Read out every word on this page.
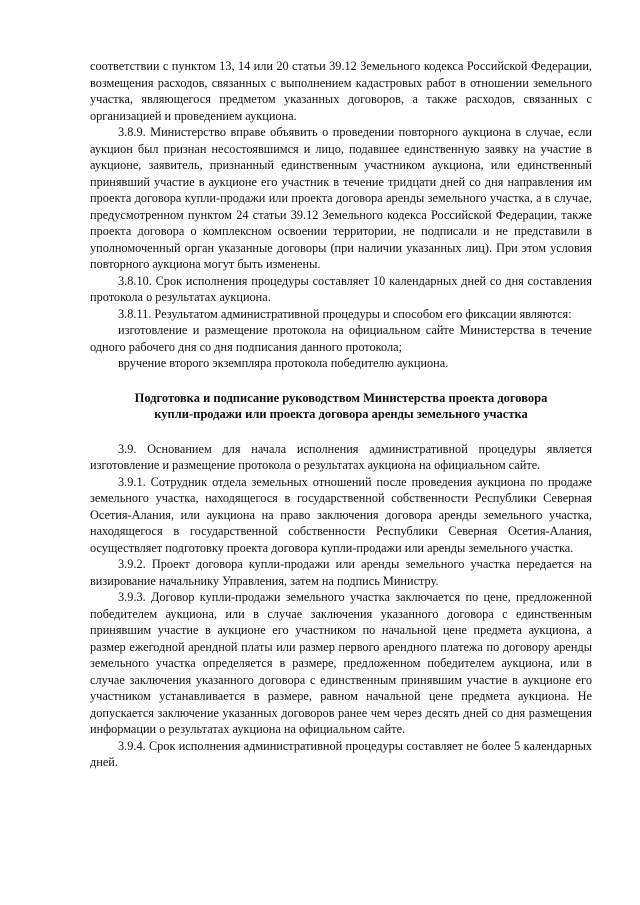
соответствии с пунктом 13, 14 или 20 статьи 39.12 Земельного кодекса Российской Федерации, возмещения расходов, связанных с выполнением кадастровых работ в отношении земельного участка, являющегося предметом указанных договоров, а также расходов, связанных с организацией и проведением аукциона.

3.8.9. Министерство вправе объявить о проведении повторного аукциона в случае, если аукцион был признан несостоявшимся и лицо, подавшее единственную заявку на участие в аукционе, заявитель, признанный единственным участником аукциона, или единственный принявший участие в аукционе его участник в течение тридцати дней со дня направления им проекта договора купли-продажи или проекта договора аренды земельного участка, а в случае, предусмотренном пунктом 24 статьи 39.12 Земельного кодекса Российской Федерации, также проекта договора о комплексном освоении территории, не подписали и не представили в уполномоченный орган указанные договоры (при наличии указанных лиц). При этом условия повторного аукциона могут быть изменены.

3.8.10. Срок исполнения процедуры составляет 10 календарных дней со дня составления протокола о результатах аукциона.

3.8.11. Результатом административной процедуры и способом его фиксации являются:

изготовление и размещение протокола на официальном сайте Министерства в течение одного рабочего дня со дня подписания данного протокола;

вручение второго экземпляра протокола победителю аукциона.

Подготовка и подписание руководством Министерства проекта договора
купли-продажи или проекта договора аренды земельного участка

3.9. Основанием для начала исполнения административной процедуры является изготовление и размещение протокола о результатах аукциона на официальном сайте.

3.9.1. Сотрудник отдела земельных отношений после проведения аукциона по продаже земельного участка, находящегося в государственной собственности Республики Северная Осетия-Алания, или аукциона на право заключения договора аренды земельного участка, находящегося в государственной собственности Республики Северная Осетия-Алания, осуществляет подготовку проекта договора купли-продажи или аренды земельного участка.

3.9.2. Проект договора купли-продажи или аренды земельного участка передается на визирование начальнику Управления, затем на подпись Министру.

3.9.3. Договор купли-продажи земельного участка заключается по цене, предложенной победителем аукциона, или в случае заключения указанного договора с единственным принявшим участие в аукционе его участником по начальной цене предмета аукциона, а размер ежегодной арендной платы или размер первого арендного платежа по договору аренды земельного участка определяется в размере, предложенном победителем аукциона, или в случае заключения указанного договора с единственным принявшим участие в аукционе его участником устанавливается в размере, равном начальной цене предмета аукциона. Не допускается заключение указанных договоров ранее чем через десять дней со дня размещения информации о результатах аукциона на официальном сайте.

3.9.4. Срок исполнения административной процедуры составляет не более 5 календарных дней.
